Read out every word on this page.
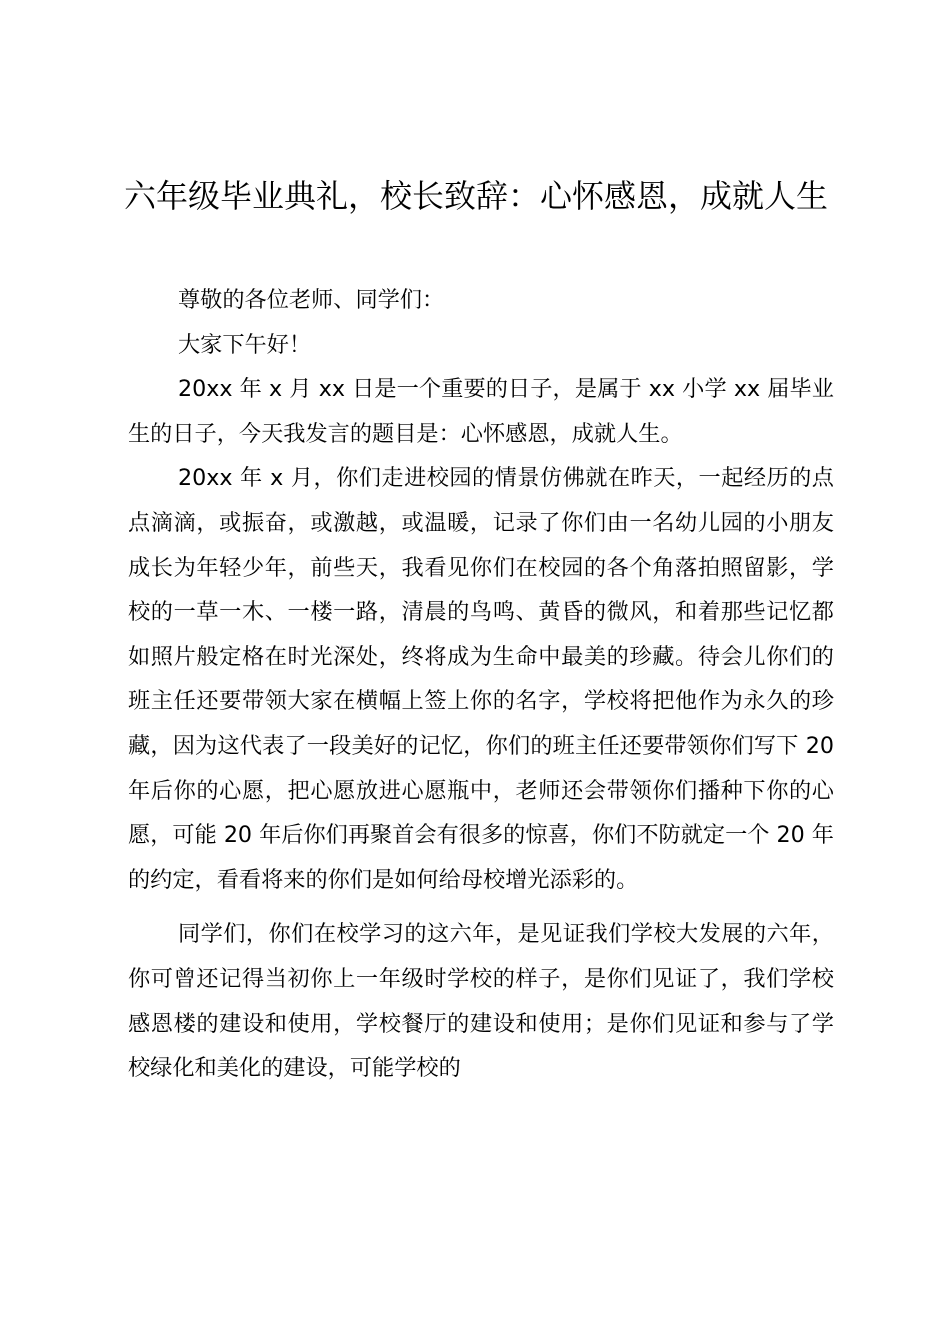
六年级毕业典礼，校长致辞：心怀感恩，成就人生

尊敬的各位老师、同学们：

大家下午好！

20xx 年 x 月 xx 日是一个重要的日子，是属于 xx 小学 xx 届毕业生的日子，今天我发言的题目是：心怀感恩，成就人生。

20xx 年 x 月，你们走进校园的情景仿佛就在昨天，一起经历的点点滴滴，或振奋，或激越，或温暖，记录了你们由一名幼儿园的小朋友成长为年轻少年，前些天，我看见你们在校园的各个角落拍照留影，学校的一草一木、一楼一路，清晨的鸟鸣、黄昏的微风，和着那些记忆都如照片般定格在时光深处，终将成为生命中最美的珍藏。待会儿你们的班主任还要带领大家在横幅上签上你的名字，学校将把他作为永久的珍藏，因为这代表了一段美好的记忆，你们的班主任还要带领你们写下 20 年后你的心愿，把心愿放进心愿瓶中，老师还会带领你们播种下你的心愿，可能 20 年后你们再聚首会有很多的惊喜，你们不防就定一个 20 年的约定，看看将来的你们是如何给母校增光添彩的。

同学们，你们在校学习的这六年，是见证我们学校大发展的六年，你可曾还记得当初你上一年级时学校的样子，是你们见证了，我们学校感恩楼的建设和使用，学校餐厅的建设和使用；是你们见证和参与了学校绿化和美化的建设，可能学校的
